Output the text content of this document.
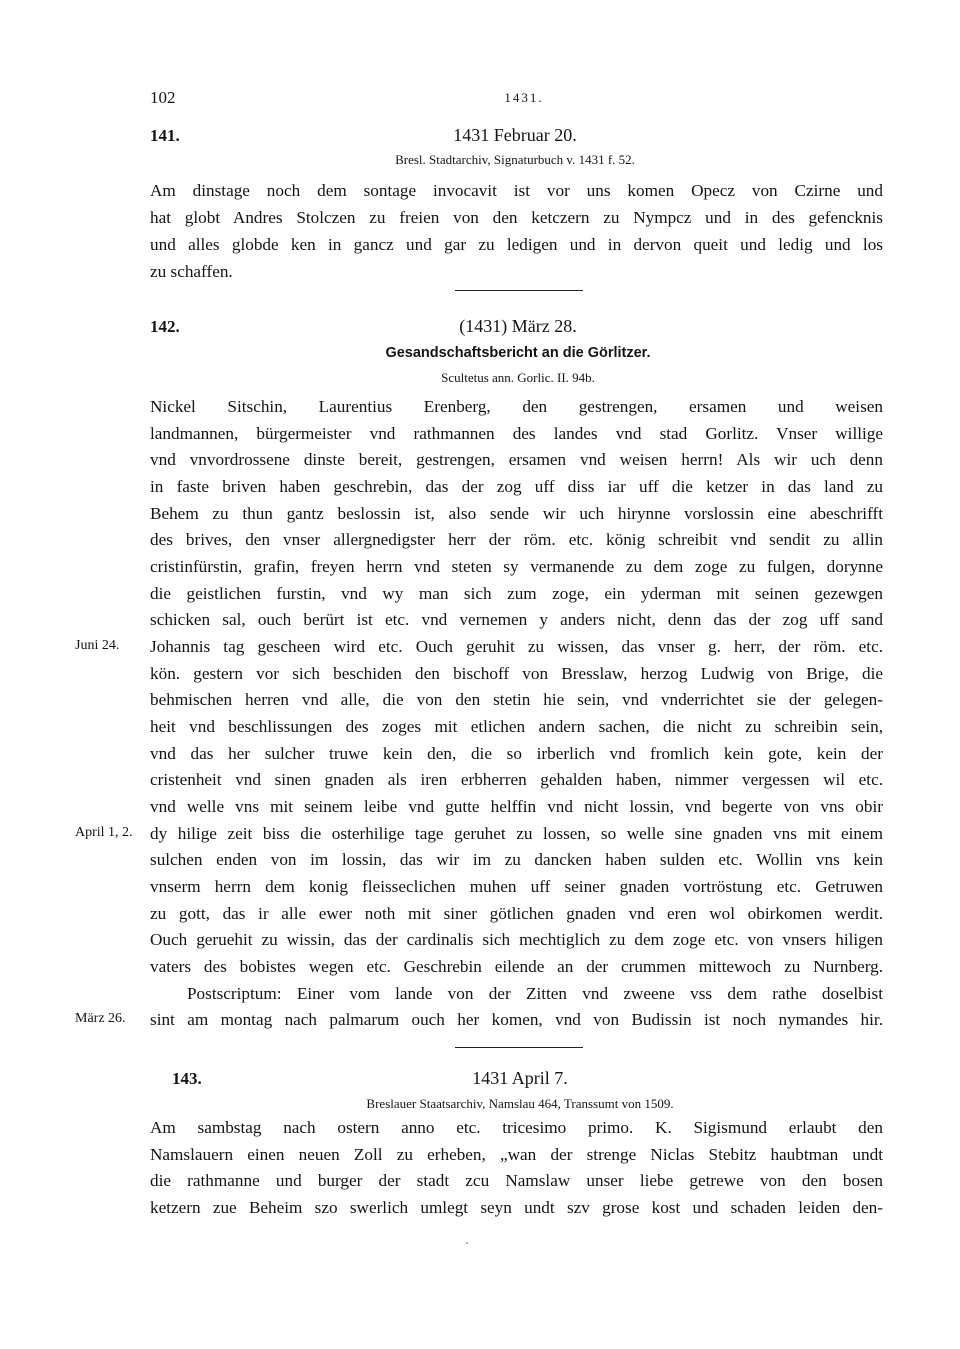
102	1431.
141.	1431 Februar 20.
Bresl. Stadtarchiv, Signaturbuch v. 1431 f. 52.
Am dinstage noch dem sontage invocavit ist vor uns komen Opecz von Czirne und
hat globt Andres Stolczen zu freien von den ketczern zu Nympcz und in des gefencknis
und alles globde ken in gancz und gar zu ledigen und in dervon queit und ledig und los
zu schaffen.
142.	(1431) März 28.
Gesandschaftsbericht an die Görlitzer.
Scultetus ann. Gorlic. II. 94b.
Nickel Sitschin, Laurentius Erenberg, den gestrengen, ersamen und weisen
landmannen, bürgermeister vnd rathmannen des landes vnd stad Gorlitz. Vnser willige
vnd vnvordrossene dinste bereit, gestrengen, ersamen vnd weisen herrn! Als wir uch denn
in faste briven haben geschrebin, das der zog uff diss iar uff die ketzer in das land zu
Behem zu thun gantz beslossin ist, also sende wir uch hirynne vorslossin eine abeschrifft
des brives, den vnser allergnedigster herr der röm. etc. könig schreibit vnd sendit zu allin
cristinfürstin, grafin, freyen herrn vnd steten sy vermanende zu dem zoge zu fulgen, dorynne
die geistlichen furstin, vnd wy man sich zum zoge, ein yderman mit seinen gezewgen
schicken sal, ouch berürt ist etc. vnd vernemen y anders nicht, denn das der zog uff sand
Johannis tag gescheen wird etc. Ouch geruhit zu wissen, das vnser g. herr, der röm. etc.
kön. gestern vor sich beschiden den bischoff von Bresslaw, herzog Ludwig von Brige, die
behmischen herren vnd alle, die von den stetin hie sein, vnd vnderrichtet sie der gelegen-
heit vnd beschlissungen des zoges mit etlichen andern sachen, die nicht zu schreibin sein,
vnd das her sulcher truwe kein den, die so irberlich vnd fromlich kein gote, kein der
cristenheit vnd sinen gnaden als iren erbherren gehalden haben, nimmer vergessen wil etc.
vnd welle vns mit seinem leibe vnd gutte helffin vnd nicht lossin, vnd begerte von vns obir
dy hilige zeit biss die osterhilige tage geruhet zu lossen, so welle sine gnaden vns mit einem
sulchen enden von im lossin, das wir im zu dancken haben sulden etc. Wollin vns kein
vnserm herrn dem konig fleisseclichen muhen uff seiner gnaden vortröstung etc. Getruwen
zu gott, das ir alle ewer noth mit siner götlichen gnaden vnd eren wol obirkomen werdit.
Ouch geruehit zu wissin, das der cardinalis sich mechtiglich zu dem zoge etc. von vnsers hiligen
vaters des bobistes wegen etc. Geschrebin eilende an der crummen mittewoch zu Nurnberg.
Postscriptum: Einer vom lande von der Zitten vnd zweene vss dem rathe doselbist
sint am montag nach palmarum ouch her komen, vnd von Budissin ist noch nymandes hir.
Juni 24.
April 1, 2.
März 26.
143.	1431 April 7.
Breslauer Staatsarchiv, Namslau 464, Transsumt von 1509.
Am sambstag nach ostern anno etc. tricesimo primo. K. Sigismund erlaubt den
Namslauern einen neuen Zoll zu erheben, „wan der strenge Niclas Stebitz haubtman undt
die rathmanne und burger der stadt zcu Namslaw unser liebe getrewe von den bosen
ketzern zue Beheim szo swerlich umlegt seyn undt szv grose kost und schaden leiden den-
